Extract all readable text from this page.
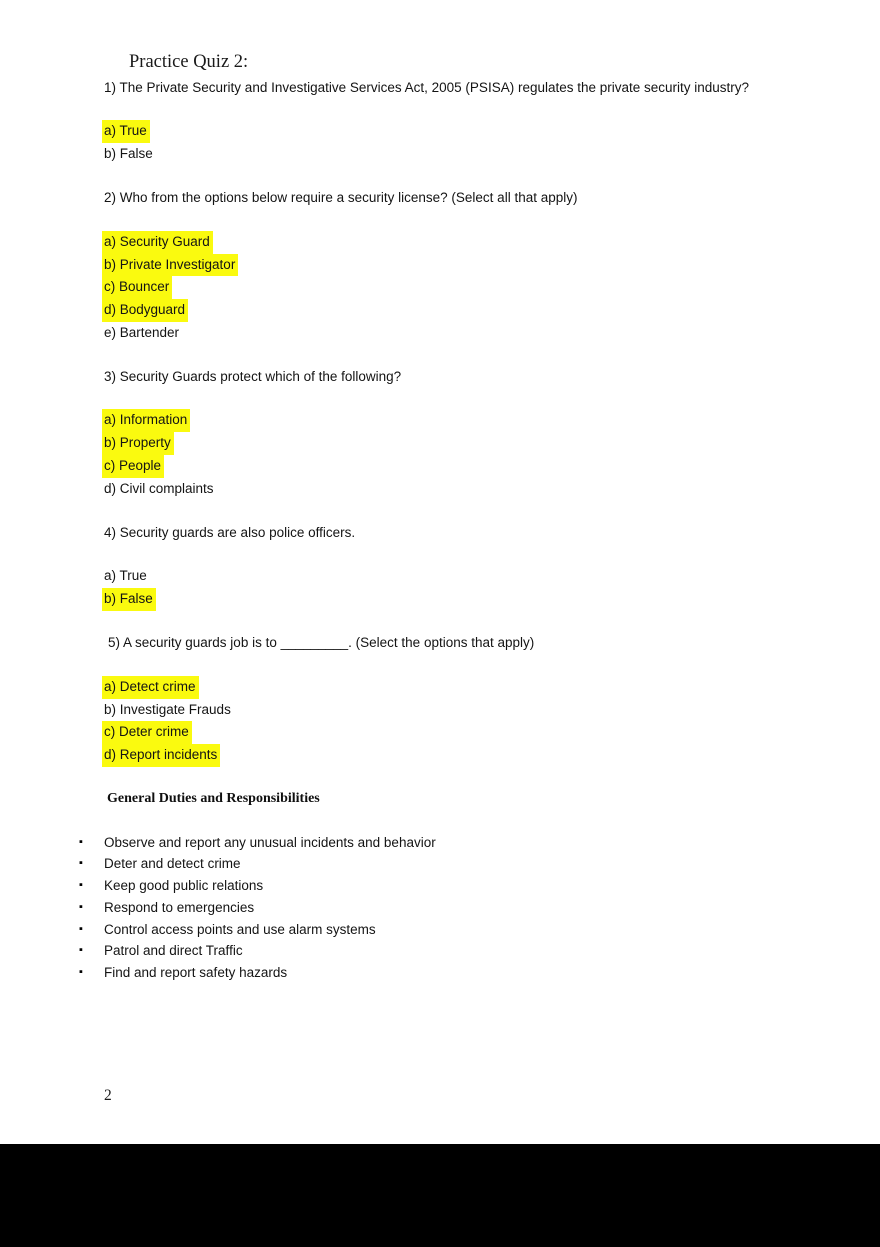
Practice Quiz 2:
1) The Private Security and Investigative Services Act, 2005 (PSISA) regulates the private security industry?
a) True
b) False
2) Who from the options below require a security license? (Select all that apply)
a) Security Guard
b) Private Investigator
c) Bouncer
d) Bodyguard
e) Bartender
3) Security Guards protect which of the following?
a) Information
b) Property
c) People
d) Civil complaints
4) Security guards are also police officers.
a) True
b) False
5) A security guards job is to _________. (Select the options that apply)
a) Detect crime
b) Investigate Frauds
c) Deter crime
d) Report incidents
General Duties and Responsibilities
▪	Observe and report any unusual incidents and behavior
▪	Deter and detect crime
▪	Keep good public relations
▪	Respond to emergencies
▪	Control access points and use alarm systems
▪	Patrol and direct Traffic
▪	Find and report safety hazards
2
